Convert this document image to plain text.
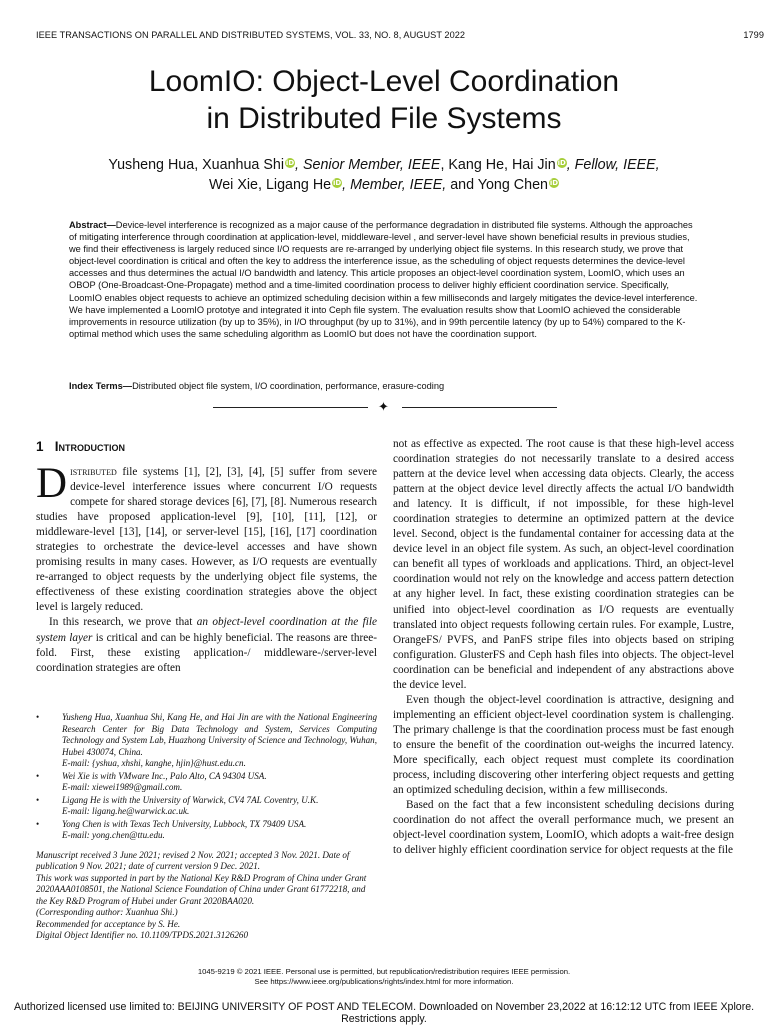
IEEE TRANSACTIONS ON PARALLEL AND DISTRIBUTED SYSTEMS, VOL. 33, NO. 8, AUGUST 2022	1799
LoomIO: Object-Level Coordination
in Distributed File Systems
Yusheng Hua, Xuanhua Shi iD, Senior Member, IEEE, Kang He, Hai Jin iD, Fellow, IEEE,
Wei Xie, Ligang He iD, Member, IEEE, and Yong Chen iD

Abstract—Device-level interference is recognized as a major cause of the performance degradation in distributed file systems. Although the approaches of mitigating interference through coordination at application-level, middleware-level , and server-level have shown beneficial results in previous studies, we find their effectiveness is largely reduced since I/O requests are re-arranged by underlying object file systems. In this research study, we prove that object-level coordination is critical and often the key to address the interference issue, as the scheduling of object requests determines the device-level accesses and thus determines the actual I/O bandwidth and latency. This article proposes an object-level coordination system, LoomIO, which uses an OBOP (One-Broadcast-One-Propagate) method and a time-limited coordination process to deliver highly efficient coordination service. Specifically, LoomIO enables object requests to achieve an optimized scheduling decision within a few milliseconds and largely mitigates the device-level interference. We have implemented a LoomIO prototye and integrated it into Ceph file system. The evaluation results show that LoomIO achieved the considerable improvements in resource utilization (by up to 35%), in I/O throughput (by up to 31%), and in 99th percentile latency (by up to 54%) compared to the K-optimal method which uses the same scheduling algorithm as LoomIO but does not have the coordination support.

Index Terms—Distributed object file system, I/O coordination, performance, erasure-coding
✦
1 Introduction

Distributed file systems [1], [2], [3], [4], [5] suffer from severe device-level interference issues where concurrent I/O requests compete for shared storage devices [6], [7], [8]. Numerous research studies have proposed application-level [9], [10], [11], [12], or middleware-level [13], [14], or server-level [15], [16], [17] coordination strategies to orchestrate the device-level accesses and have shown promising results in many cases. However, as I/O requests are eventually re-arranged to object requests by the underlying object file systems, the effectiveness of these existing coordination strategies above the object level is largely reduced.

In this research, we prove that an object-level coordination at the file system layer is critical and can be highly beneficial. The reasons are three-fold. First, these existing application-/ middleware-/server-level coordination strategies are often

•	Yusheng Hua, Xuanhua Shi, Kang He, and Hai Jin are with the National Engineering Research Center for Big Data Technology and System, Services Computing Technology and System Lab, Huazhong University of Science and Technology, Wuhan, Hubei 430074, China.
E-mail: {yshua, xhshi, kanghe, hjin}@hust.edu.cn.
•	Wei Xie is with VMware Inc., Palo Alto, CA 94304 USA.
E-mail: xiewei1989@gmail.com.
•	Ligang He is with the University of Warwick, CV4 7AL Coventry, U.K.
E-mail: ligang.he@warwick.ac.uk.
•	Yong Chen is with Texas Tech University, Lubbock, TX 79409 USA.
E-mail: yong.chen@ttu.edu.

Manuscript received 3 June 2021; revised 2 Nov. 2021; accepted 3 Nov. 2021. Date of publication 9 Nov. 2021; date of current version 9 Dec. 2021.

This work was supported in part by the National Key R&D Program of China under Grant 2020AAA0108501, the National Science Foundation of China under Grant 61772218, and the Key R&D Program of Hubei under Grant 2020BAA020.

(Corresponding author: Xuanhua Shi.)

Recommended for acceptance by S. He.

Digital Object Identifier no. 10.1109/TPDS.2021.3126260

not as effective as expected. The root cause is that these high-level access coordination strategies do not necessarily translate to a desired access pattern at the device level when accessing data objects. Clearly, the access pattern at the object device level directly affects the actual I/O bandwidth and latency. It is difficult, if not impossible, for these high-level coordination strategies to determine an optimized pattern at the device level. Second, object is the fundamental container for accessing data at the device level in an object file system. As such, an object-level coordination can benefit all types of workloads and applications. Third, an object-level coordination would not rely on the knowledge and access pattern detection at any higher level. In fact, these existing coordination strategies can be unified into object-level coordination as I/O requests are eventually translated into object requests following certain rules. For example, Lustre, OrangeFS/ PVFS, and PanFS stripe files into objects based on striping configuration. GlusterFS and Ceph hash files into objects. The object-level coordination can be beneficial and independent of any abstractions above the device level.

Even though the object-level coordination is attractive, designing and implementing an efficient object-level coordination system is challenging. The primary challenge is that the coordination process must be fast enough to ensure the benefit of the coordination out-weighs the incurred latency. More specifically, each object request must complete its coordination process, including discovering other interfering object requests and getting an optimized scheduling decision, within a few milliseconds.

Based on the fact that a few inconsistent scheduling decisions during coordination do not affect the overall performance much, we present an object-level coordination system, LoomIO, which adopts a wait-free design to deliver highly efficient coordination service for object requests at the file

1045-9219 © 2021 IEEE. Personal use is permitted, but republication/redistribution requires IEEE permission.
See ht​tps://www.ieee.org/publications/rights/index.html for more information.
Authorized licensed use limited to: BEIJING UNIVERSITY OF POST AND TELECOM. Downloaded on November 23,2022 at 16:12:12 UTC from IEEE Xplore. Restrictions apply.
